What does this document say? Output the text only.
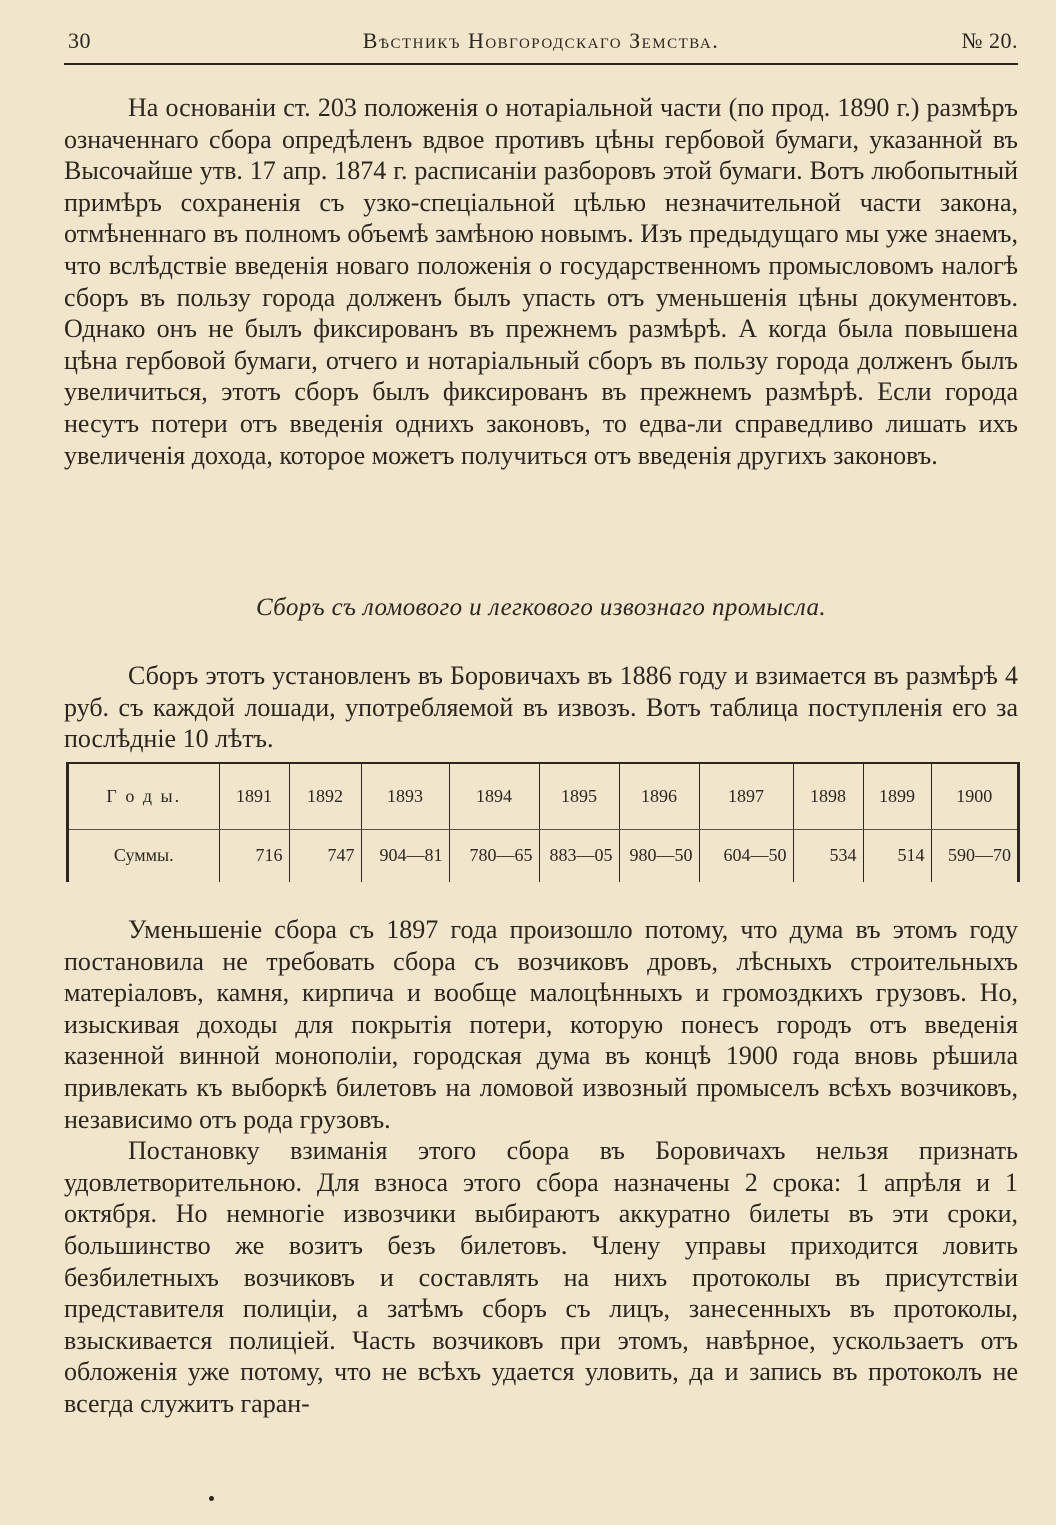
30	Вѣстникъ Новгородскаго Земства.	№ 20.

На основаніи ст. 203 положенія о нотаріальной части (по прод. 1890 г.) размѣръ означеннаго сбора опредѣленъ вдвое противъ цѣны гербовой бумаги, указанной въ Высочайше утв. 17 апр. 1874 г. расписаніи разборовъ этой бумаги. Вотъ любопытный примѣръ сохраненія съ узко-спеціальной цѣлью незначительной части закона, отмѣненнаго въ полномъ объемѣ замѣною новымъ. Изъ предыдущаго мы уже знаемъ, что вслѣдствіе введенія новаго положенія о государственномъ промысловомъ налогѣ сборъ въ пользу города долженъ былъ упасть отъ уменьшенія цѣны документовъ. Однако онъ не былъ фиксированъ въ прежнемъ размѣрѣ. А когда была повышена цѣна гербовой бумаги, отчего и нотаріальный сборъ въ пользу города долженъ былъ увеличиться, этотъ сборъ былъ фиксированъ въ прежнемъ размѣрѣ. Если города несутъ потери отъ введенія однихъ законовъ, то едва-ли справедливо лишать ихъ увеличенія дохода, которое можетъ получиться отъ введенія другихъ законовъ.

Сборъ съ ломового и легкового извознаго промысла.

Сборъ этотъ установленъ въ Боровичахъ въ 1886 году и взимается въ размѣрѣ 4 руб. съ каждой лошади, употребляемой въ извозъ. Вотъ таблица поступленія его за послѣдніе 10 лѣтъ.

Г о д ы.	1891	1892	1893	1894	1895	1896	1897	1898	1899	1900
Суммы.	716	747	904—81	780—65	883—05	980—50	604—50	534	514	590—70

Уменьшеніе сбора съ 1897 года произошло потому, что дума въ этомъ году постановила не требовать сбора съ возчиковъ дровъ, лѣсныхъ строительныхъ матеріаловъ, камня, кирпича и вообще малоцѣнныхъ и громоздкихъ грузовъ. Но, изыскивая доходы для покрытія потери, которую понесъ городъ отъ введенія казенной винной монополіи, городская дума въ концѣ 1900 года вновь рѣшила привлекать къ выборкѣ билетовъ на ломовой извозный промыселъ всѣхъ возчиковъ, независимо отъ рода грузовъ.

Постановку взиманія этого сбора въ Боровичахъ нельзя признать удовлетворительною. Для взноса этого сбора назначены 2 срока: 1 апрѣля и 1 октября. Но немногіе извозчики выбираютъ аккуратно билеты въ эти сроки, большинство же возитъ безъ билетовъ. Члену управы приходится ловить безбилетныхъ возчиковъ и составлять на нихъ протоколы въ присутствіи представителя полиціи, а затѣмъ сборъ съ лицъ, занесенныхъ въ протоколы, взыскивается полиціей. Часть возчиковъ при этомъ, навѣрное, ускользаетъ отъ обложенія уже потому, что не всѣхъ удается уловить, да и запись въ протоколъ не всегда служитъ гаран-
